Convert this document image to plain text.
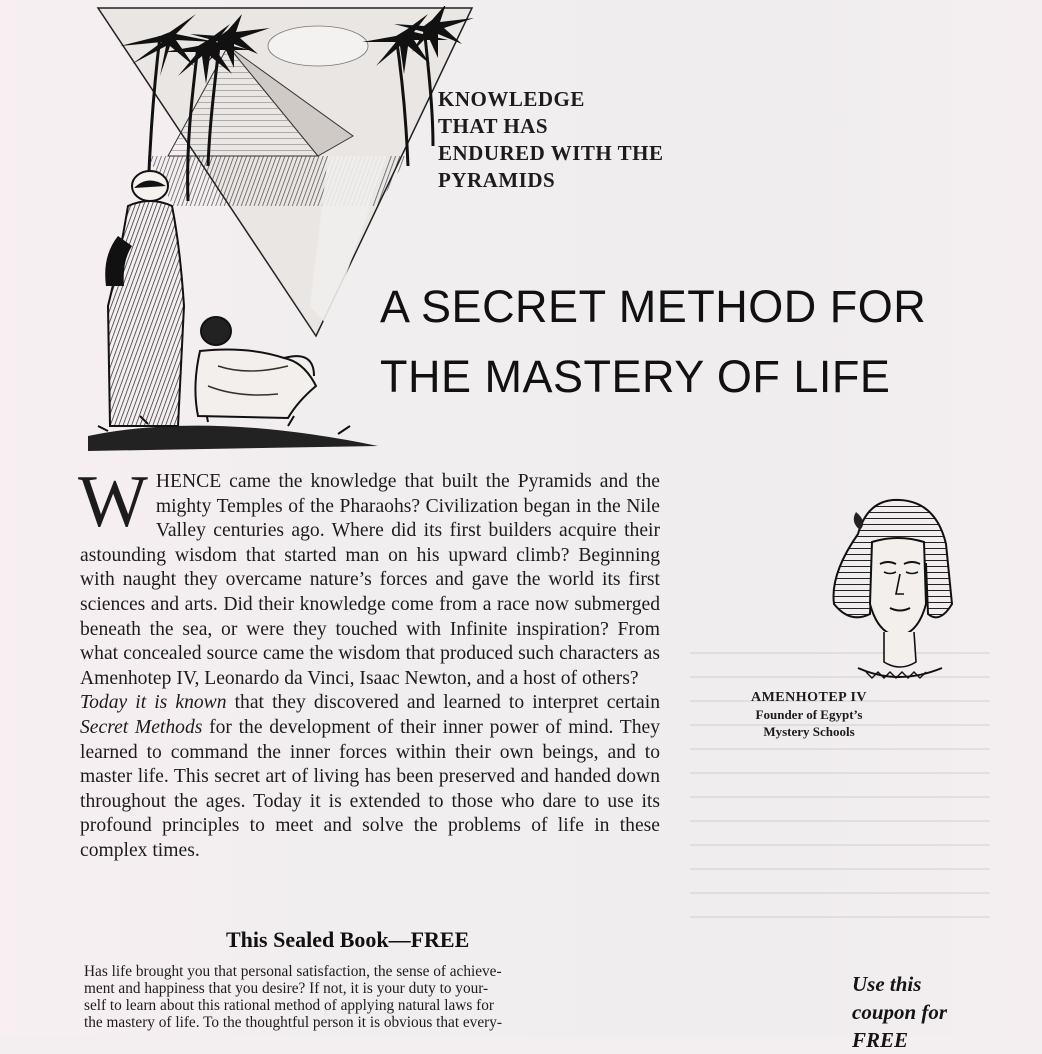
KNOWLEDGE
THAT HAS
ENDURED WITH THE
PYRAMIDS
A SECRET METHOD FOR
THE MASTERY OF LIFE

WHENCE came the knowledge that built the Pyramids and the mighty Temples of the Pharaohs? Civilization began in the Nile Valley centuries ago. Where did its first builders acquire their astounding wisdom that started man on his upward climb? Beginning with naught they overcame nature’s forces and gave the world its first sciences and arts. Did their knowledge come from a race now submerged beneath the sea, or were they touched with Infinite inspiration? From what concealed source came the wisdom that produced such characters as Amenhotep IV, Leonardo da Vinci, Isaac Newton, and a host of others?

Today it is known that they discovered and learned to interpret certain Secret Methods for the development of their inner power of mind. They learned to command the inner forces within their own beings, and to master life. This secret art of living has been preserved and handed down throughout the ages. Today it is extended to those who dare to use its profound principles to meet and solve the problems of life in these complex times.

AMENHOTEP IV
Founder of Egypt’s
Mystery Schools
This Sealed Book—FREE
Has life brought you that personal satisfaction, the sense of achieve-
ment and happiness that you desire? If not, it is your duty to your-
self to learn about this rational method of applying natural laws for
the mastery of life. To the thoughtful person it is obvious that every-
Use this
coupon for
FREE
